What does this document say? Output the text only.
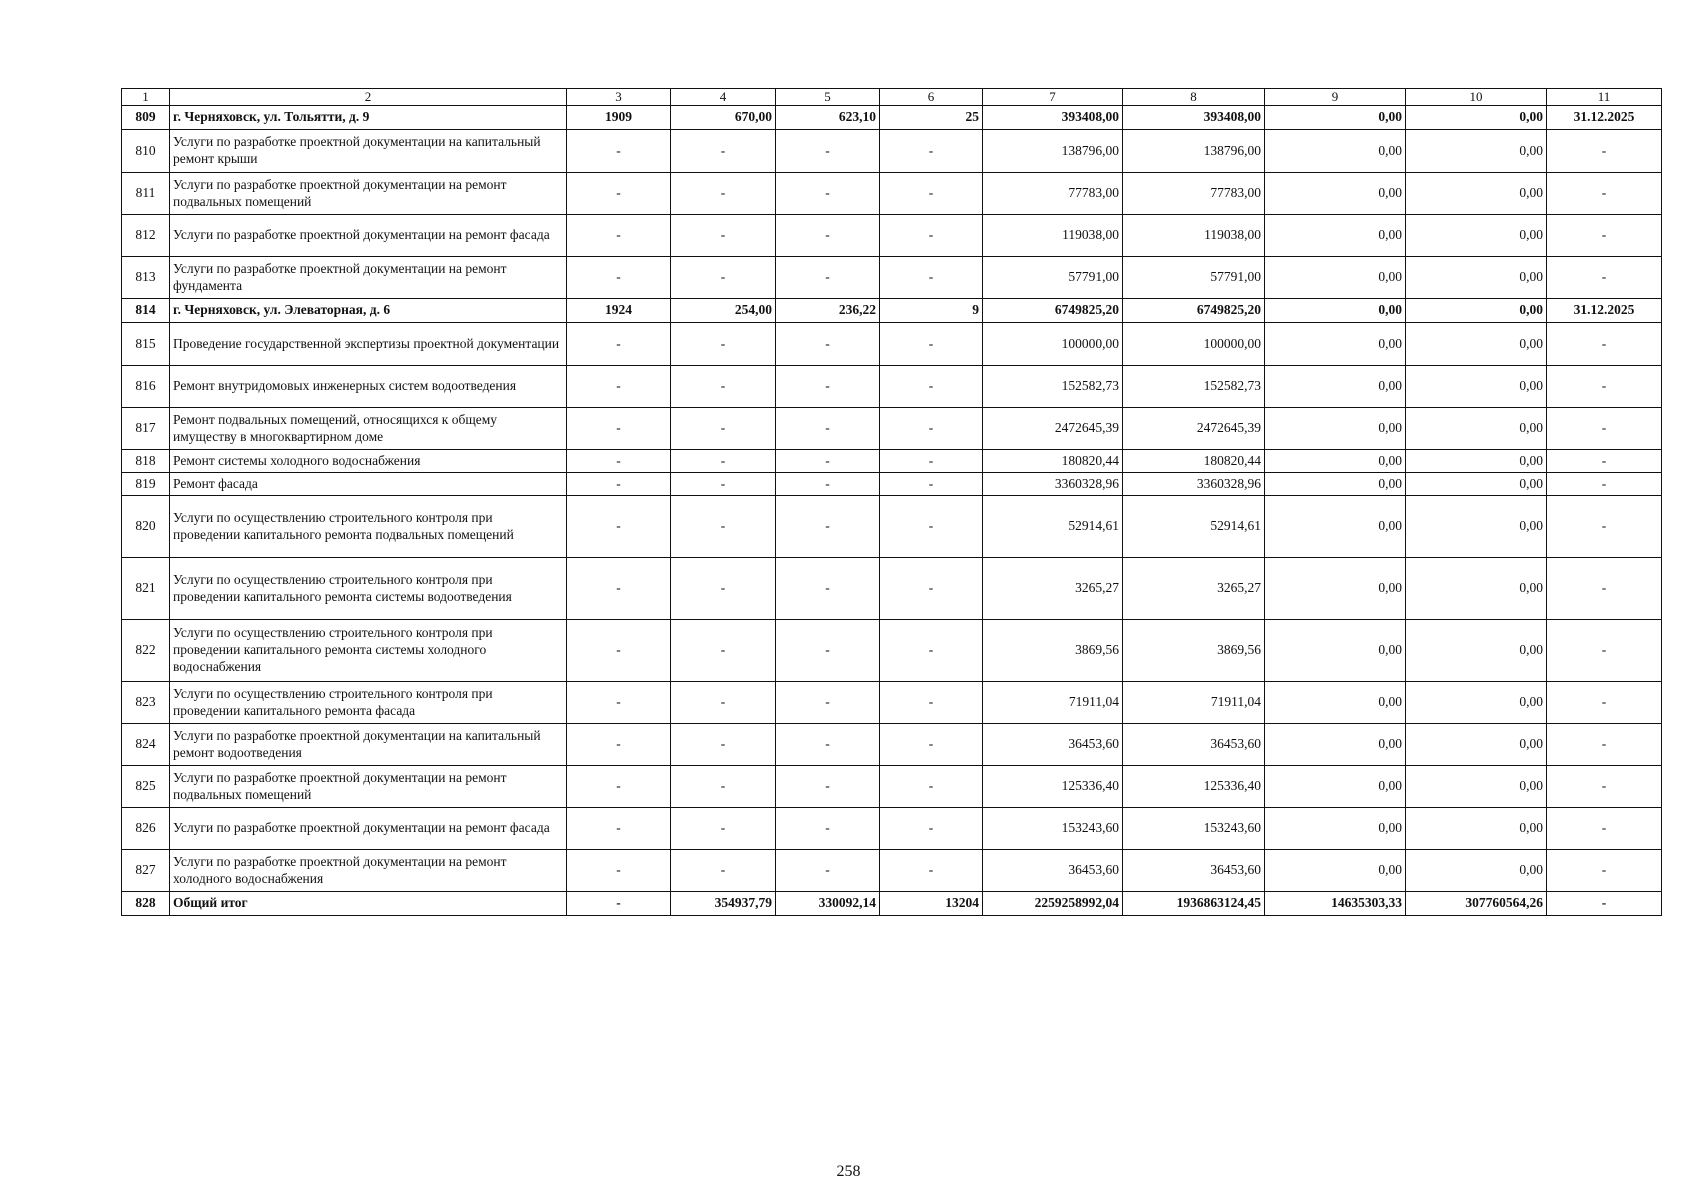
1	2	3	4	5	6	7	8	9	10	11
809	г. Черняховск, ул. Тольятти, д. 9	1909	670,00	623,10	25	393408,00	393408,00	0,00	0,00	31.12.2025
810	Услуги по разработке проектной документации на капитальный ремонт крыши	-	-	-	-	138796,00	138796,00	0,00	0,00	-
811	Услуги по разработке проектной документации на ремонт подвальных помещений	-	-	-	-	77783,00	77783,00	0,00	0,00	-
812	Услуги по разработке проектной документации на ремонт фасада	-	-	-	-	119038,00	119038,00	0,00	0,00	-
813	Услуги по разработке проектной документации на ремонт фундамента	-	-	-	-	57791,00	57791,00	0,00	0,00	-
814	г. Черняховск, ул. Элеваторная, д. 6	1924	254,00	236,22	9	6749825,20	6749825,20	0,00	0,00	31.12.2025
815	Проведение государственной экспертизы проектной документации	-	-	-	-	100000,00	100000,00	0,00	0,00	-
816	Ремонт внутридомовых инженерных систем водоотведения	-	-	-	-	152582,73	152582,73	0,00	0,00	-
817	Ремонт подвальных помещений, относящихся к общему имуществу в многоквартирном доме	-	-	-	-	2472645,39	2472645,39	0,00	0,00	-
818	Ремонт системы холодного водоснабжения	-	-	-	-	180820,44	180820,44	0,00	0,00	-
819	Ремонт фасада	-	-	-	-	3360328,96	3360328,96	0,00	0,00	-
820	Услуги по осуществлению строительного контроля при проведении капитального ремонта подвальных помещений	-	-	-	-	52914,61	52914,61	0,00	0,00	-
821	Услуги по осуществлению строительного контроля при проведении капитального ремонта системы водоотведения	-	-	-	-	3265,27	3265,27	0,00	0,00	-
822	Услуги по осуществлению строительного контроля при проведении капитального ремонта системы холодного водоснабжения	-	-	-	-	3869,56	3869,56	0,00	0,00	-
823	Услуги по осуществлению строительного контроля при проведении капитального ремонта фасада	-	-	-	-	71911,04	71911,04	0,00	0,00	-
824	Услуги по разработке проектной документации на капитальный ремонт водоотведения	-	-	-	-	36453,60	36453,60	0,00	0,00	-
825	Услуги по разработке проектной документации на ремонт подвальных помещений	-	-	-	-	125336,40	125336,40	0,00	0,00	-
826	Услуги по разработке проектной документации на ремонт фасада	-	-	-	-	153243,60	153243,60	0,00	0,00	-
827	Услуги по разработке проектной документации на ремонт холодного водоснабжения	-	-	-	-	36453,60	36453,60	0,00	0,00	-
828	Общий итог	-	354937,79	330092,14	13204	2259258992,04	1936863124,45	14635303,33	307760564,26	-
258
